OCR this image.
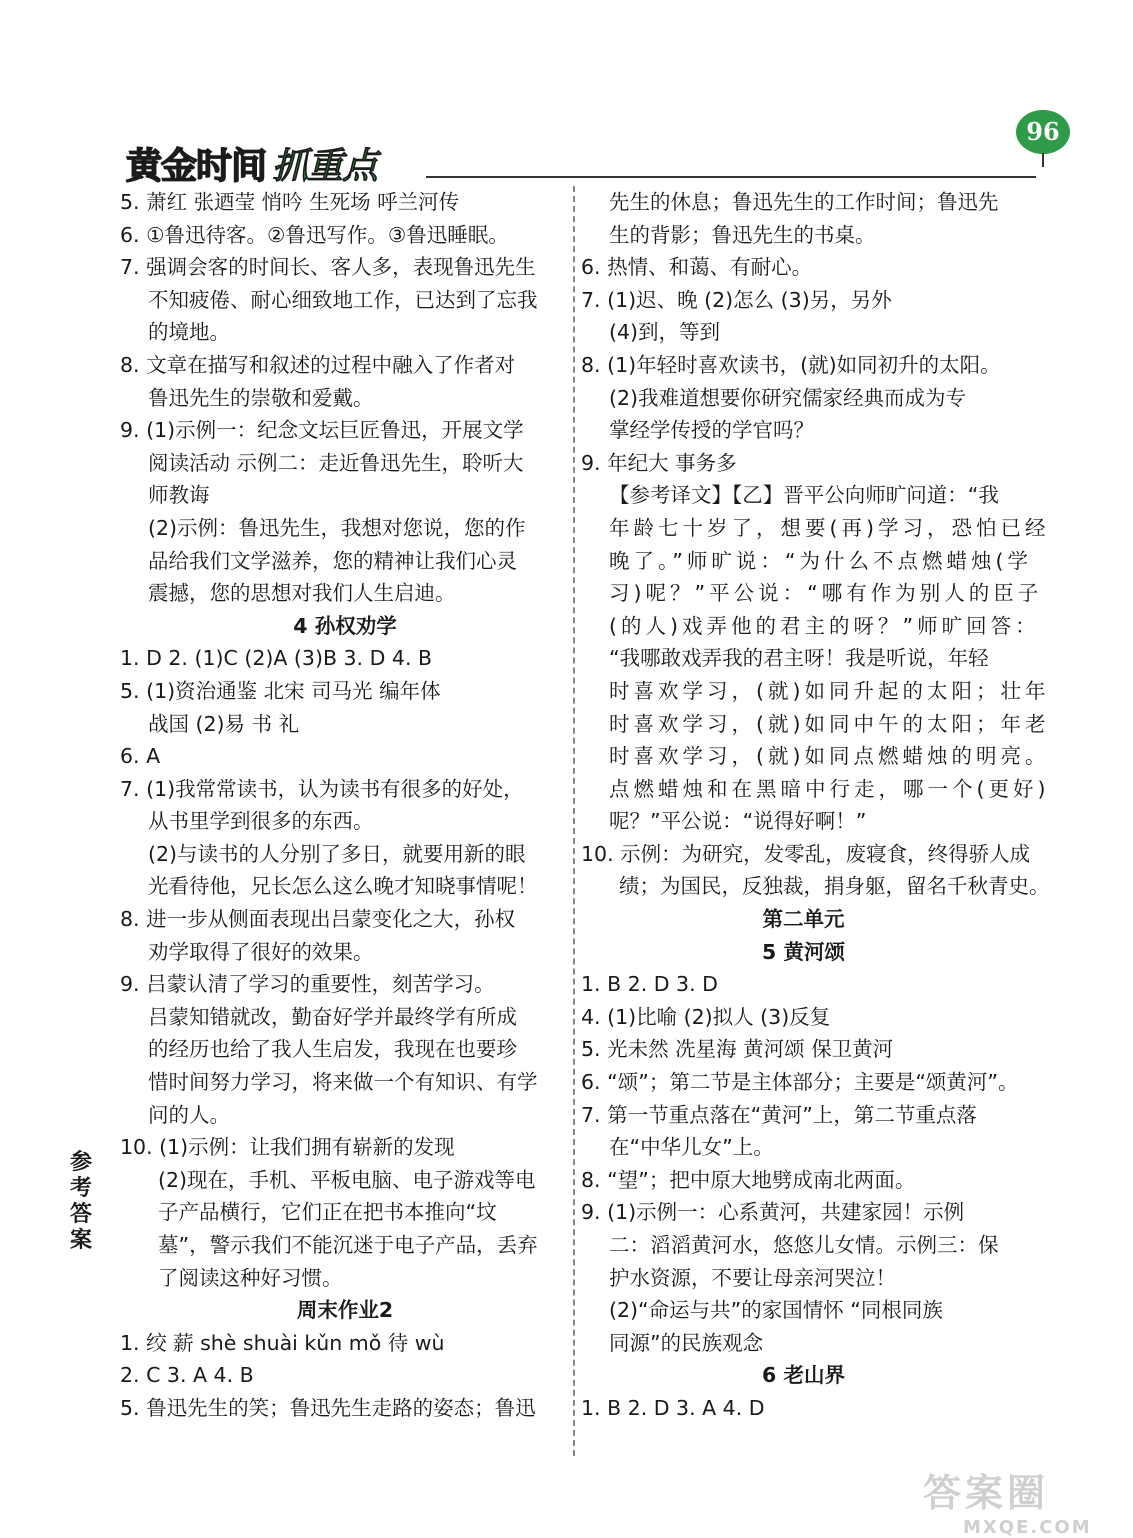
黄金时间 抓重点
96
5. 萧红 张迺莹 悄吟 生死场 呼兰河传
6. ①鲁迅待客。②鲁迅写作。③鲁迅睡眠。
7. 强调会客的时间长、客人多，表现鲁迅先生
不知疲倦、耐心细致地工作，已达到了忘我
的境地。
8. 文章在描写和叙述的过程中融入了作者对
鲁迅先生的崇敬和爱戴。
9. (1)示例一：纪念文坛巨匠鲁迅，开展文学
阅读活动 示例二：走近鲁迅先生，聆听大
师教诲
(2)示例：鲁迅先生，我想对您说，您的作
品给我们文学滋养，您的精神让我们心灵
震撼，您的思想对我们人生启迪。
4 孙权劝学
1. D 2. (1)C (2)A (3)B 3. D 4. B
5. (1)资治通鉴 北宋 司马光 编年体
战国 (2)易 书 礼
6. A
7. (1)我常常读书，认为读书有很多的好处，
从书里学到很多的东西。
(2)与读书的人分别了多日，就要用新的眼
光看待他，兄长怎么这么晚才知晓事情呢！
8. 进一步从侧面表现出吕蒙变化之大，孙权
劝学取得了很好的效果。
9. 吕蒙认清了学习的重要性，刻苦学习。
吕蒙知错就改，勤奋好学并最终学有所成
的经历也给了我人生启发，我现在也要珍
惜时间努力学习，将来做一个有知识、有学
问的人。
10. (1)示例：让我们拥有崭新的发现
(2)现在，手机、平板电脑、电子游戏等电
子产品横行，它们正在把书本推向“坟
墓”，警示我们不能沉迷于电子产品，丢弃
了阅读这种好习惯。
周末作业2
1. 绞 薪 shè shuài kǔn mǒ 待 wù
2. C 3. A 4. B
5. 鲁迅先生的笑；鲁迅先生走路的姿态；鲁迅
先生的休息；鲁迅先生的工作时间；鲁迅先
生的背影；鲁迅先生的书桌。
6. 热情、和蔼、有耐心。
7. (1)迟、晚 (2)怎么 (3)另，另外
(4)到，等到
8. (1)年轻时喜欢读书，(就)如同初升的太阳。
(2)我难道想要你研究儒家经典而成为专
掌经学传授的学官吗？
9. 年纪大 事务多
【参考译文】【乙】晋平公向师旷问道：“我
年龄七十岁了，想要(再)学习，恐怕已经
晚了。”师旷说：“为什么不点燃蜡烛(学
习)呢？”平公说：“哪有作为别人的臣子
(的人)戏弄他的君主的呀？”师旷回答：
“我哪敢戏弄我的君主呀！我是听说，年轻
时喜欢学习，(就)如同升起的太阳；壮年
时喜欢学习，(就)如同中午的太阳；年老
时喜欢学习，(就)如同点燃蜡烛的明亮。
点燃蜡烛和在黑暗中行走，哪一个(更好)
呢？”平公说：“说得好啊！”
10. 示例：为研究，发零乱，废寝食，终得骄人成
绩；为国民，反独裁，捐身躯，留名千秋青史。
第二单元
5 黄河颂
1. B 2. D 3. D
4. (1)比喻 (2)拟人 (3)反复
5. 光未然 冼星海 黄河颂 保卫黄河
6. “颂”；第二节是主体部分；主要是“颂黄河”。
7. 第一节重点落在“黄河”上，第二节重点落
在“中华儿女”上。
8. “望”；把中原大地劈成南北两面。
9. (1)示例一：心系黄河，共建家园！示例
二：滔滔黄河水，悠悠儿女情。示例三：保
护水资源，不要让母亲河哭泣！
(2)“命运与共”的家国情怀 “同根同族
同源”的民族观念
6 老山界
1. B 2. D 3. A 4. D
参
考
答
案
答案圈
MXQE.COM
